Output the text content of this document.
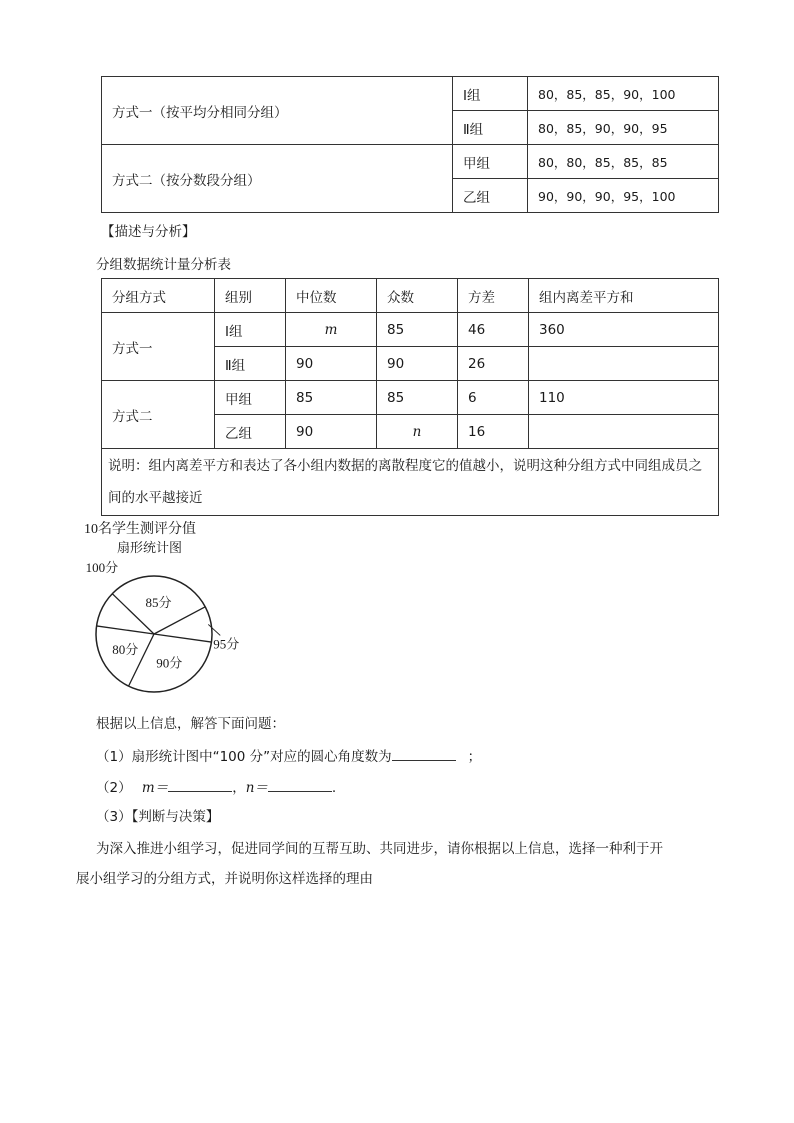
方式一（按平均分相同分组）	Ⅰ组	80，85，85，90，100
	Ⅱ组	80，85，90，90，95
方式二（按分数段分组）	甲组	80，80，85，85，85
	乙组	90，90，90，95，100

【描述与分析】

分组数据统计量分析表

分组方式	组别	中位数	众数	方差	组内离差平方和
方式一	Ⅰ组	m	85	46	360
	Ⅱ组	90	90	26	
方式二	甲组	85	85	6	110
	乙组	90	n	16	
说明：组内离差平方和表达了各小组内数据的离散程度它的值越小，说明这种分组方式中同组成员之间的水平越接近					
10名学生测评分值
扇形统计图
100分
85分
95分
90分
80分

根据以上信息，解答下面问题：

（1）扇形统计图中“100 分”对应的圆心角度数为	；

（2） m＝	，n＝	.

（3）【判断与决策】

为深入推进小组学习，促进同学间的互帮互助、共同进步，请你根据以上信息，选择一种利于开

展小组学习的分组方式，并说明你这样选择的理由
